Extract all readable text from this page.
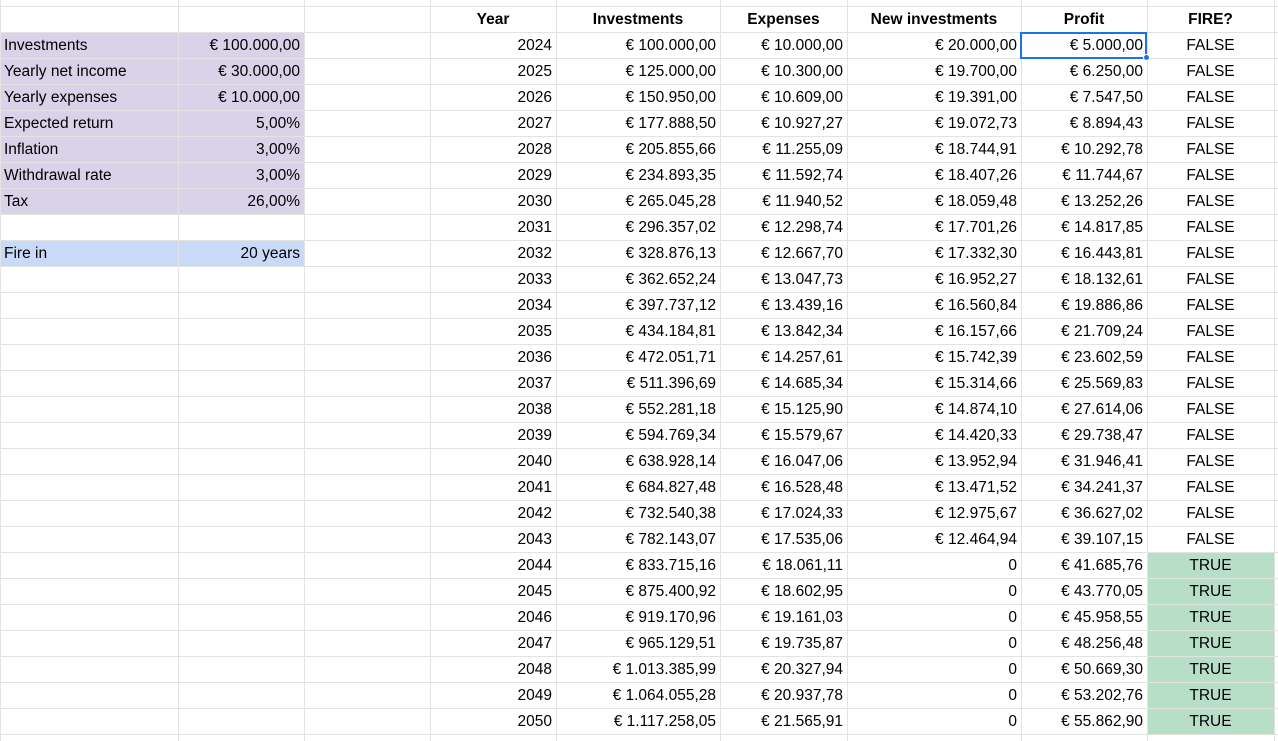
Investments	€ 100.000,00
Yearly net income	€ 30.000,00
Yearly expenses	€ 10.000,00
Expected return	5,00%
Inflation	3,00%
Withdrawal rate	3,00%
Tax	26,00%
Fire in	20 years
Year	Investments	Expenses	New investments	Profit	FIRE?
2024	€ 100.000,00	€ 10.000,00	€ 20.000,00	€ 5.000,00	FALSE
2025	€ 125.000,00	€ 10.300,00	€ 19.700,00	€ 6.250,00	FALSE
2026	€ 150.950,00	€ 10.609,00	€ 19.391,00	€ 7.547,50	FALSE
2027	€ 177.888,50	€ 10.927,27	€ 19.072,73	€ 8.894,43	FALSE
2028	€ 205.855,66	€ 11.255,09	€ 18.744,91	€ 10.292,78	FALSE
2029	€ 234.893,35	€ 11.592,74	€ 18.407,26	€ 11.744,67	FALSE
2030	€ 265.045,28	€ 11.940,52	€ 18.059,48	€ 13.252,26	FALSE
2031	€ 296.357,02	€ 12.298,74	€ 17.701,26	€ 14.817,85	FALSE
2032	€ 328.876,13	€ 12.667,70	€ 17.332,30	€ 16.443,81	FALSE
2033	€ 362.652,24	€ 13.047,73	€ 16.952,27	€ 18.132,61	FALSE
2034	€ 397.737,12	€ 13.439,16	€ 16.560,84	€ 19.886,86	FALSE
2035	€ 434.184,81	€ 13.842,34	€ 16.157,66	€ 21.709,24	FALSE
2036	€ 472.051,71	€ 14.257,61	€ 15.742,39	€ 23.602,59	FALSE
2037	€ 511.396,69	€ 14.685,34	€ 15.314,66	€ 25.569,83	FALSE
2038	€ 552.281,18	€ 15.125,90	€ 14.874,10	€ 27.614,06	FALSE
2039	€ 594.769,34	€ 15.579,67	€ 14.420,33	€ 29.738,47	FALSE
2040	€ 638.928,14	€ 16.047,06	€ 13.952,94	€ 31.946,41	FALSE
2041	€ 684.827,48	€ 16.528,48	€ 13.471,52	€ 34.241,37	FALSE
2042	€ 732.540,38	€ 17.024,33	€ 12.975,67	€ 36.627,02	FALSE
2043	€ 782.143,07	€ 17.535,06	€ 12.464,94	€ 39.107,15	FALSE
2044	€ 833.715,16	€ 18.061,11	0	€ 41.685,76	TRUE
2045	€ 875.400,92	€ 18.602,95	0	€ 43.770,05	TRUE
2046	€ 919.170,96	€ 19.161,03	0	€ 45.958,55	TRUE
2047	€ 965.129,51	€ 19.735,87	0	€ 48.256,48	TRUE
2048	€ 1.013.385,99	€ 20.327,94	0	€ 50.669,30	TRUE
2049	€ 1.064.055,28	€ 20.937,78	0	€ 53.202,76	TRUE
2050	€ 1.117.258,05	€ 21.565,91	0	€ 55.862,90	TRUE
